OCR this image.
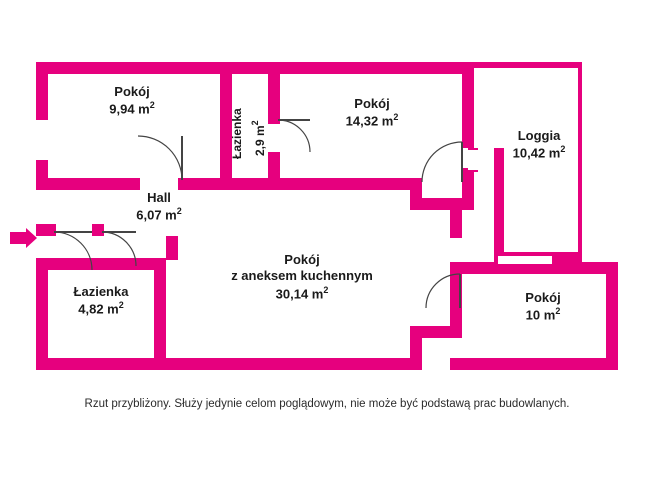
Pokój
9,94 $m^2$
Łazienka 2,9 $m^2$
Pokój
14,32 $m^2$
Loggia
10,42 $m^2$
Hall
6,07 $m^2$
Łazienka
4,82 $m^2$
Pokój
z aneksem kuchennym
30,14 $m^2$
Pokój
10 $m^2$
Rzut przybliżony. Służy jedynie celom poglądowym, nie może być podstawą prac budowlanych.
